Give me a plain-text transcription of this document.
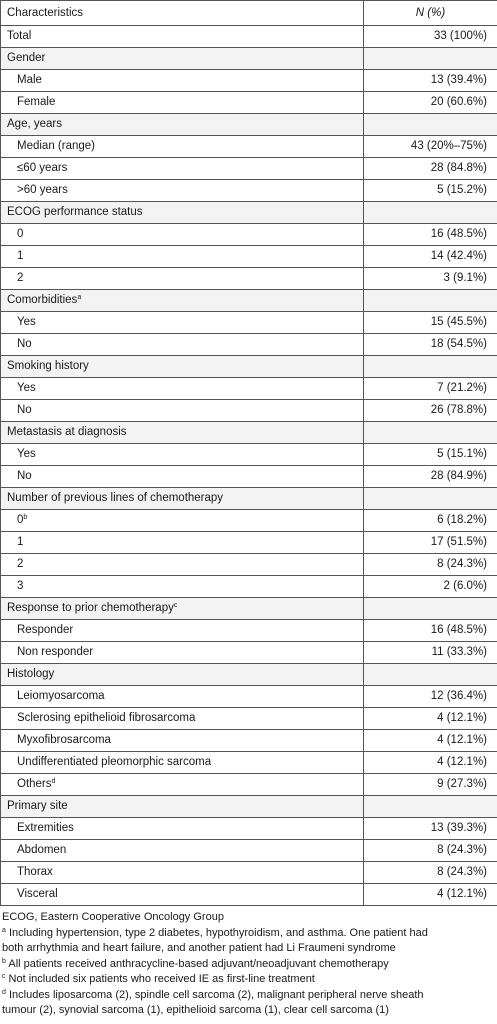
Characteristics	N (%)
Total	33 (100%)
Gender	
Male	13 (39.4%)
Female	20 (60.6%)
Age, years	
Median (range)	43 (20%–75%)
≤60 years	28 (84.8%)
>60 years	5 (15.2%)
ECOG performance status	
0	16 (48.5%)
1	14 (42.4%)
2	3 (9.1%)
Comorbidities$^a$	
Yes	15 (45.5%)
No	18 (54.5%)
Smoking history	
Yes	7 (21.2%)
No	26 (78.8%)
Metastasis at diagnosis	
Yes	5 (15.1%)
No	28 (84.9%)
Number of previous lines of chemotherapy	
0$^b$	6 (18.2%)
1	17 (51.5%)
2	8 (24.3%)
3	2 (6.0%)
Response to prior chemotherapy$^c$	
Responder	16 (48.5%)
Non responder	11 (33.3%)
Histology	
Leiomyosarcoma	12 (36.4%)
Sclerosing epithelioid fibrosarcoma	4 (12.1%)
Myxofibrosarcoma	4 (12.1%)
Undifferentiated pleomorphic sarcoma	4 (12.1%)
Others$^d$	9 (27.3%)
Primary site	
Extremities	13 (39.3%)
Abdomen	8 (24.3%)
Thorax	8 (24.3%)
Visceral	4 (12.1%)
ECOG, Eastern Cooperative Oncology Group
$^a$ Including hypertension, type 2 diabetes, hypothyroidism, and asthma. One patient had
both arrhythmia and heart failure, and another patient had Li Fraumeni syndrome
$^b$ All patients received anthracycline-based adjuvant/neoadjuvant chemotherapy
$^c$ Not included six patients who received IE as first-line treatment
$^d$ Includes liposarcoma (2), spindle cell sarcoma (2), malignant peripheral nerve sheath
tumour (2), synovial sarcoma (1), epithelioid sarcoma (1), clear cell sarcoma (1)
